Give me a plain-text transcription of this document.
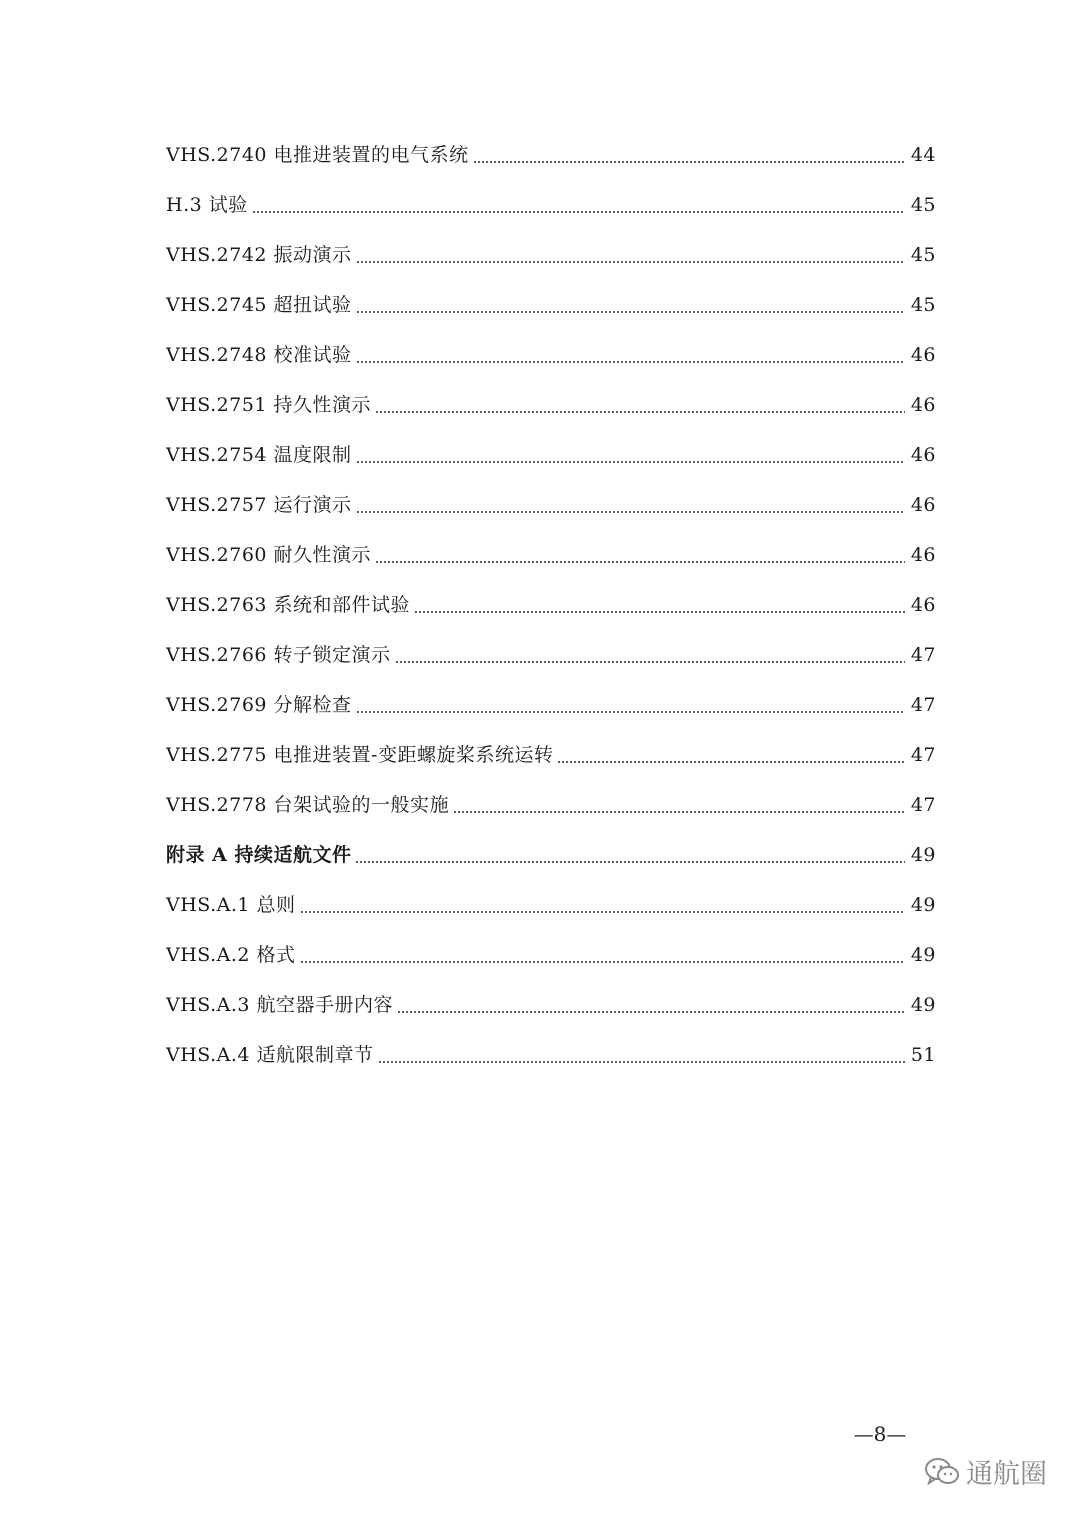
VHS.2740 电推进装置的电气系统	44
H.3 试验	45
VHS.2742 振动演示	45
VHS.2745 超扭试验	45
VHS.2748 校准试验	46
VHS.2751 持久性演示	46
VHS.2754 温度限制	46
VHS.2757 运行演示	46
VHS.2760 耐久性演示	46
VHS.2763 系统和部件试验	46
VHS.2766 转子锁定演示	47
VHS.2769 分解检查	47
VHS.2775 电推进装置-变距螺旋桨系统运转	47
VHS.2778 台架试验的一般实施	47
附录 A 持续适航文件	49
VHS.A.1 总则	49
VHS.A.2 格式	49
VHS.A.3 航空器手册内容	49
VHS.A.4 适航限制章节	51
—8—
通航圈
